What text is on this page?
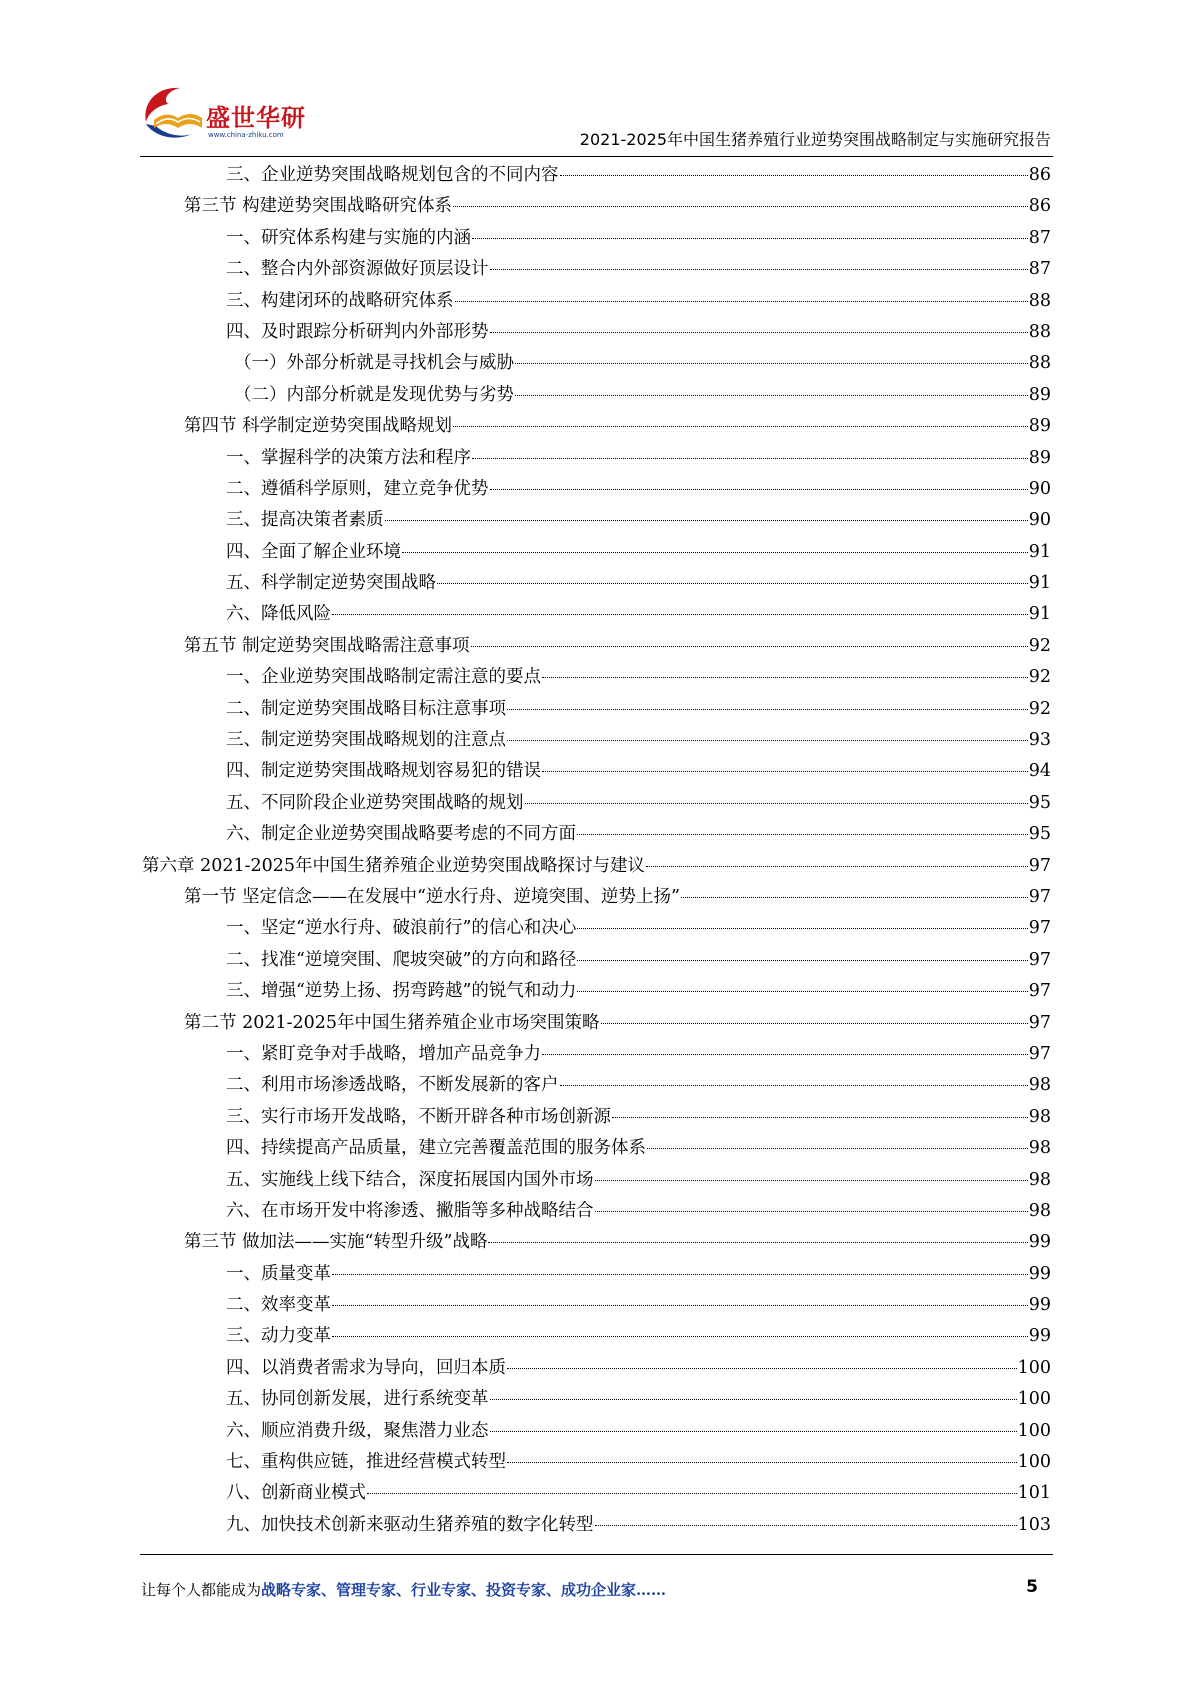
盛世华研
www.china-zhiku.com	2021-2025年中国生猪养殖行业逆势突围战略制定与实施研究报告
三、企业逆势突围战略规划包含的不同内容	86
第三节 构建逆势突围战略研究体系	86
一、研究体系构建与实施的内涵	87
二、整合内外部资源做好顶层设计	87
三、构建闭环的战略研究体系	88
四、及时跟踪分析研判内外部形势	88
（一）外部分析就是寻找机会与威胁	88
（二）内部分析就是发现优势与劣势	89
第四节 科学制定逆势突围战略规划	89
一、掌握科学的决策方法和程序	89
二、遵循科学原则，建立竞争优势	90
三、提高决策者素质	90
四、全面了解企业环境	91
五、科学制定逆势突围战略	91
六、降低风险	91
第五节 制定逆势突围战略需注意事项	92
一、企业逆势突围战略制定需注意的要点	92
二、制定逆势突围战略目标注意事项	92
三、制定逆势突围战略规划的注意点	93
四、制定逆势突围战略规划容易犯的错误	94
五、不同阶段企业逆势突围战略的规划	95
六、制定企业逆势突围战略要考虑的不同方面	95
第六章 2021-2025年中国生猪养殖企业逆势突围战略探讨与建议	97
第一节 坚定信念——在发展中“逆水行舟、逆境突围、逆势上扬”	97
一、坚定“逆水行舟、破浪前行”的信心和决心	97
二、找准“逆境突围、爬坡突破”的方向和路径	97
三、增强“逆势上扬、拐弯跨越”的锐气和动力	97
第二节 2021-2025年中国生猪养殖企业市场突围策略	97
一、紧盯竞争对手战略，增加产品竞争力	97
二、利用市场渗透战略，不断发展新的客户	98
三、实行市场开发战略，不断开辟各种市场创新源	98
四、持续提高产品质量，建立完善覆盖范围的服务体系	98
五、实施线上线下结合，深度拓展国内国外市场	98
六、在市场开发中将渗透、撇脂等多种战略结合	98
第三节 做加法——实施“转型升级”战略	99
一、质量变革	99
二、效率变革	99
三、动力变革	99
四、以消费者需求为导向，回归本质	100
五、协同创新发展，进行系统变革	100
六、顺应消费升级，聚焦潜力业态	100
七、重构供应链，推进经营模式转型	100
八、创新商业模式	101
九、加快技术创新来驱动生猪养殖的数字化转型	103
让每个人都能成为战略专家、管理专家、行业专家、投资专家、成功企业家……	5
